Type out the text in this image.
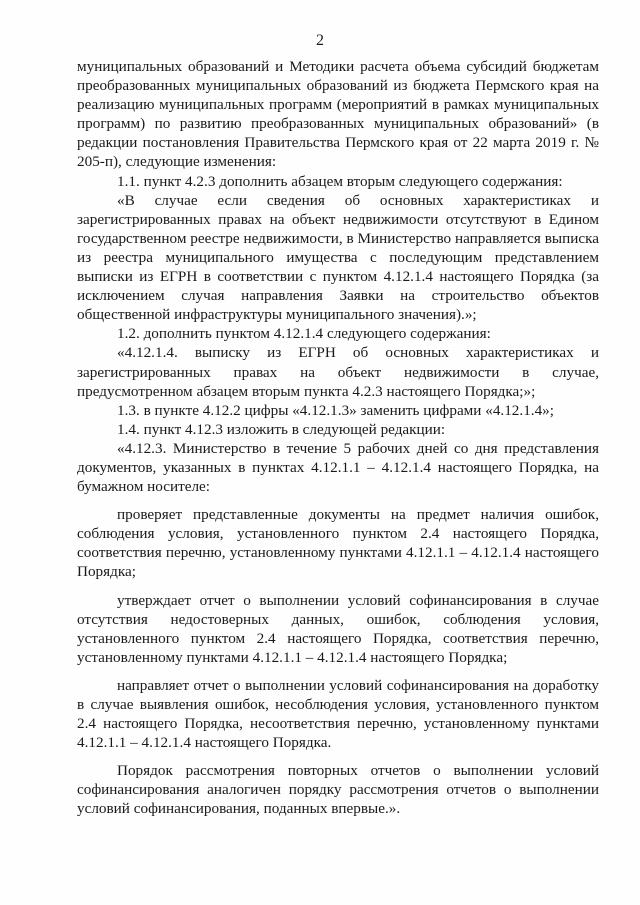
2

муниципальных образований и Методики расчета объема субсидий бюджетам преобразованных муниципальных образований из бюджета Пермского края на реализацию муниципальных программ (мероприятий в рамках муниципальных программ) по развитию преобразованных муниципальных образований» (в редакции постановления Правительства Пермского края от 22 марта 2019 г. № 205-п), следующие изменения:

1.1. пункт 4.2.3 дополнить абзацем вторым следующего содержания:

«В случае если сведения об основных характеристиках и зарегистрированных правах на объект недвижимости отсутствуют в Едином государственном реестре недвижимости, в Министерство направляется выписка из реестра муниципального имущества с последующим представлением выписки из ЕГРН в соответствии с пунктом 4.12.1.4 настоящего Порядка (за исключением случая направления Заявки на строительство объектов общественной инфраструктуры муниципального значения).»;

1.2. дополнить пунктом 4.12.1.4 следующего содержания:

«4.12.1.4. выписку из ЕГРН об основных характеристиках и зарегистрированных правах на объект недвижимости в случае, предусмотренном абзацем вторым пункта 4.2.3 настоящего Порядка;»;

1.3. в пункте 4.12.2 цифры «4.12.1.3» заменить цифрами «4.12.1.4»;

1.4. пункт 4.12.3 изложить в следующей редакции:

«4.12.3. Министерство в течение 5 рабочих дней со дня представления документов, указанных в пунктах 4.12.1.1 – 4.12.1.4 настоящего Порядка, на бумажном носителе:

проверяет представленные документы на предмет наличия ошибок, соблюдения условия, установленного пунктом 2.4 настоящего Порядка, соответствия перечню, установленному пунктами 4.12.1.1 – 4.12.1.4 настоящего Порядка;

утверждает отчет о выполнении условий софинансирования в случае отсутствия недостоверных данных, ошибок, соблюдения условия, установленного пунктом 2.4 настоящего Порядка, соответствия перечню, установленному пунктами 4.12.1.1 – 4.12.1.4 настоящего Порядка;

направляет отчет о выполнении условий софинансирования на доработку в случае выявления ошибок, несоблюдения условия, установленного пунктом 2.4 настоящего Порядка, несоответствия перечню, установленному пунктами 4.12.1.1 – 4.12.1.4 настоящего Порядка.

Порядок рассмотрения повторных отчетов о выполнении условий софинансирования аналогичен порядку рассмотрения отчетов о выполнении условий софинансирования, поданных впервые.».
